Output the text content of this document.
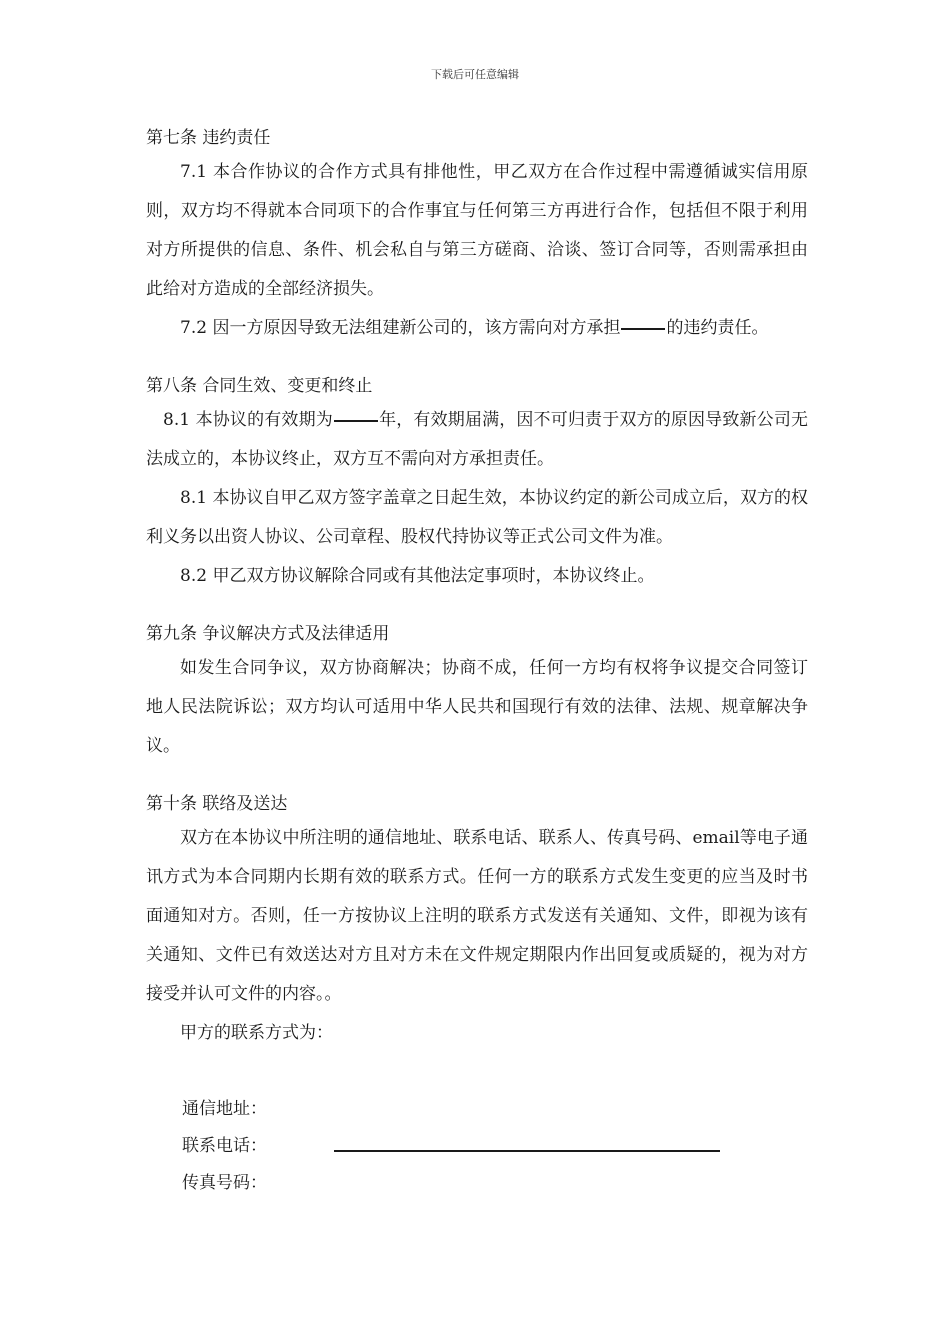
下载后可任意编辑
第七条 违约责任

7.1 本合作协议的合作方式具有排他性，甲乙双方在合作过程中需遵循诚实信用原则，双方均不得就本合同项下的合作事宜与任何第三方再进行合作，包括但不限于利用对方所提供的信息、条件、机会私自与第三方磋商、洽谈、签订合同等，否则需承担由此给对方造成的全部经济损失。

7.2 因一方原因导致无法组建新公司的，该方需向对方承担	的违约责任。

第八条 合同生效、变更和终止

8.1 本协议的有效期为	年，有效期届满，因不可归责于双方的原因导致新公司无法成立的，本协议终止，双方互不需向对方承担责任。

8.1 本协议自甲乙双方签字盖章之日起生效，本协议约定的新公司成立后，双方的权利义务以出资人协议、公司章程、股权代持协议等正式公司文件为准。

8.2 甲乙双方协议解除合同或有其他法定事项时，本协议终止。

第九条 争议解决方式及法律适用

如发生合同争议，双方协商解决；协商不成，任何一方均有权将争议提交合同签订地人民法院诉讼；双方均认可适用中华人民共和国现行有效的法律、法规、规章解决争议。

第十条 联络及送达

双方在本协议中所注明的通信地址、联系电话、联系人、传真号码、email等电子通讯方式为本合同期内长期有效的联系方式。任何一方的联系方式发生变更的应当及时书面通知对方。否则，任一方按协议上注明的联系方式发送有关通知、文件，即视为该有关通知、文件已有效送达对方且对方未在文件规定期限内作出回复或质疑的，视为对方接受并认可文件的内容。。

甲方的联系方式为：

通信地址：
联系电话：
传真号码：
